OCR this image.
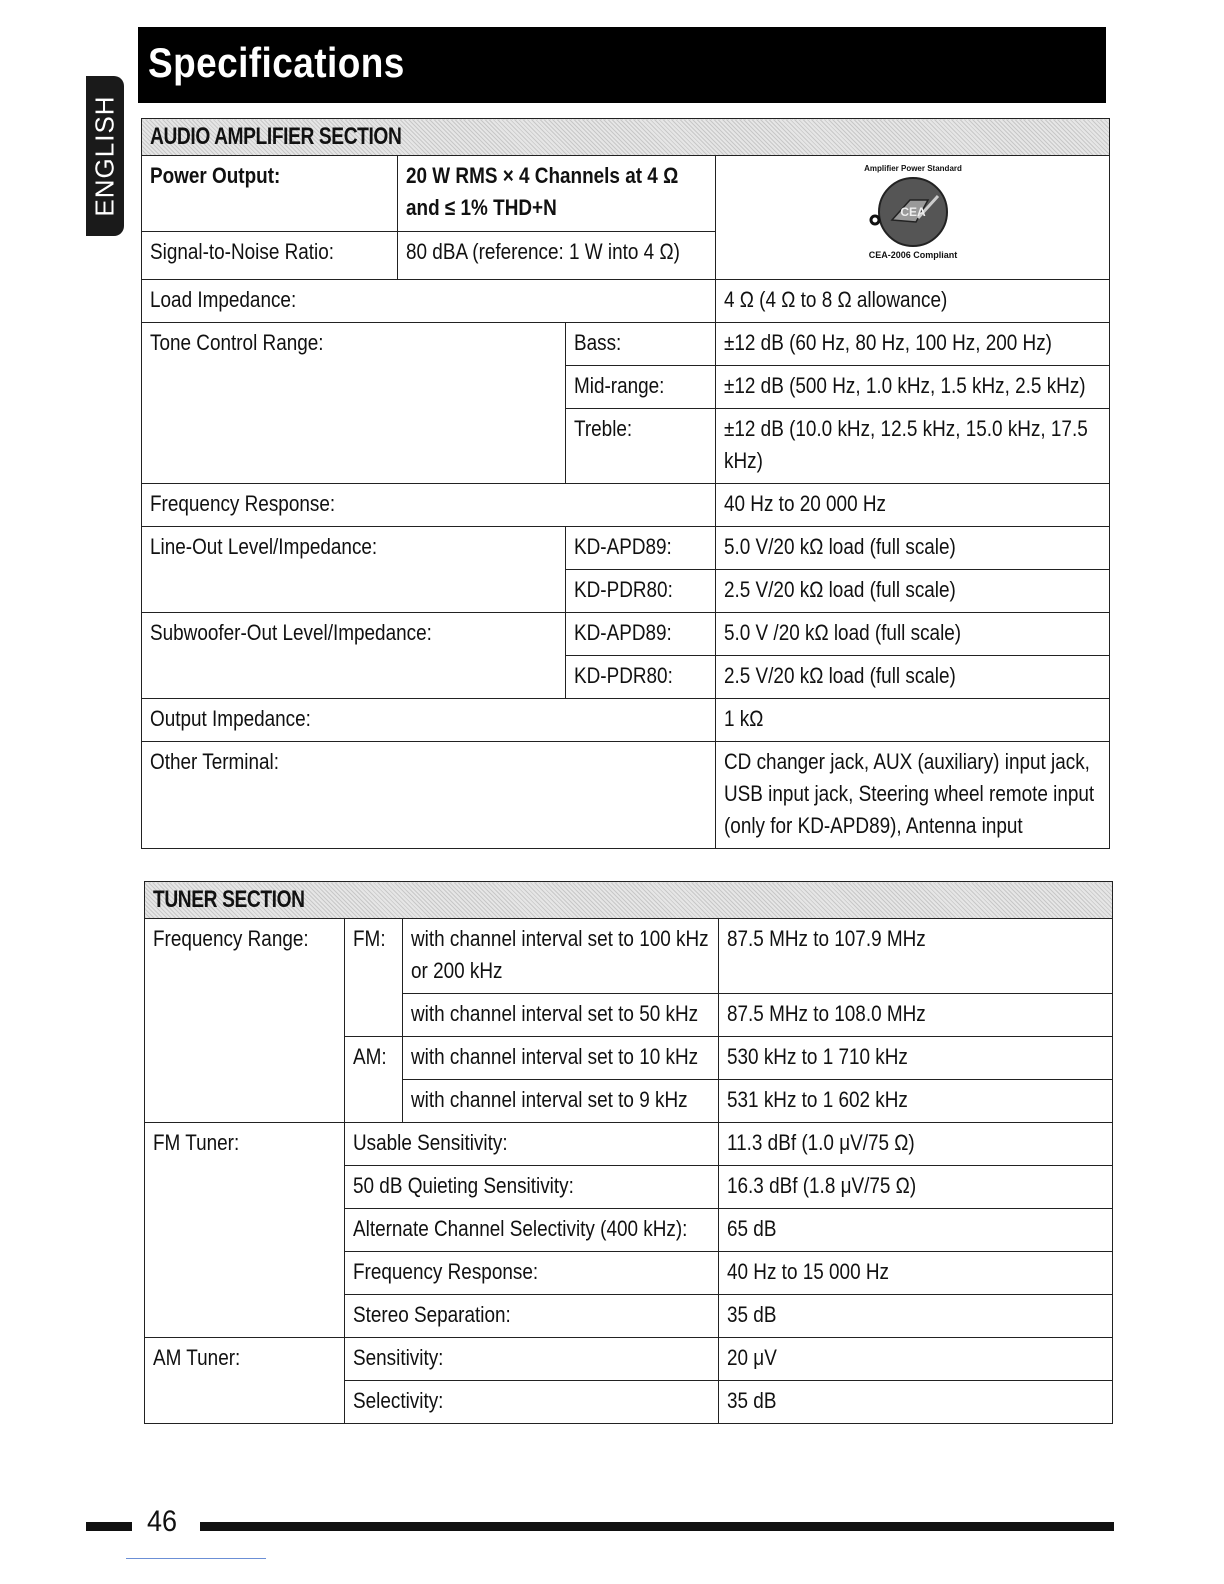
ENGLISH
Specifications
AUDIO AMPLIFIER SECTION			
Power Output:	20 W RMS × 4 Channels at 4 Ω and ≤ 1% THD+N		CEA-2006 Compliant
Amplifier Power Standard
CEA

Signal-to-Noise Ratio:	80 dBA (reference: 1 W into 4 Ω)		
Load Impedance:			4 Ω (4 Ω to 8 Ω allowance)
Tone Control Range:		Bass:	±12 dB (60 Hz, 80 Hz, 100 Hz, 200 Hz)
		Mid-range:	±12 dB (500 Hz, 1.0 kHz, 1.5 kHz, 2.5 kHz)
		Treble:	±12 dB (10.0 kHz, 12.5 kHz, 15.0 kHz, 17.5 kHz)
Frequency Response:			40 Hz to 20 000 Hz
Line-Out Level/Impedance:		KD-APD89:	5.0 V/20 kΩ load (full scale)
		KD-PDR80:	2.5 V/20 kΩ load (full scale)
Subwoofer-Out Level/Impedance:		KD-APD89:	5.0 V /20 kΩ load (full scale)
		KD-PDR80:	2.5 V/20 kΩ load (full scale)
Output Impedance:			1 kΩ
Other Terminal:			CD changer jack, AUX (auxiliary) input jack, USB input jack, Steering wheel remote input (only for KD-APD89), Antenna input
TUNER SECTION			
Frequency Range:	FM:	with channel interval set to 100 kHz or 200 kHz	87.5 MHz to 107.9 MHz
		with channel interval set to 50 kHz	87.5 MHz to 108.0 MHz
	AM:	with channel interval set to 10 kHz	530 kHz to 1 710 kHz
		with channel interval set to 9 kHz	531 kHz to 1 602 kHz
FM Tuner:	Usable Sensitivity:		11.3 dBf (1.0 μV/75 Ω)
	50 dB Quieting Sensitivity:		16.3 dBf (1.8 μV/75 Ω)
	Alternate Channel Selectivity (400 kHz):		65 dB
	Frequency Response:		40 Hz to 15 000 Hz
	Stereo Separation:		35 dB
AM Tuner:	Sensitivity:		20 μV
	Selectivity:		35 dB
46
